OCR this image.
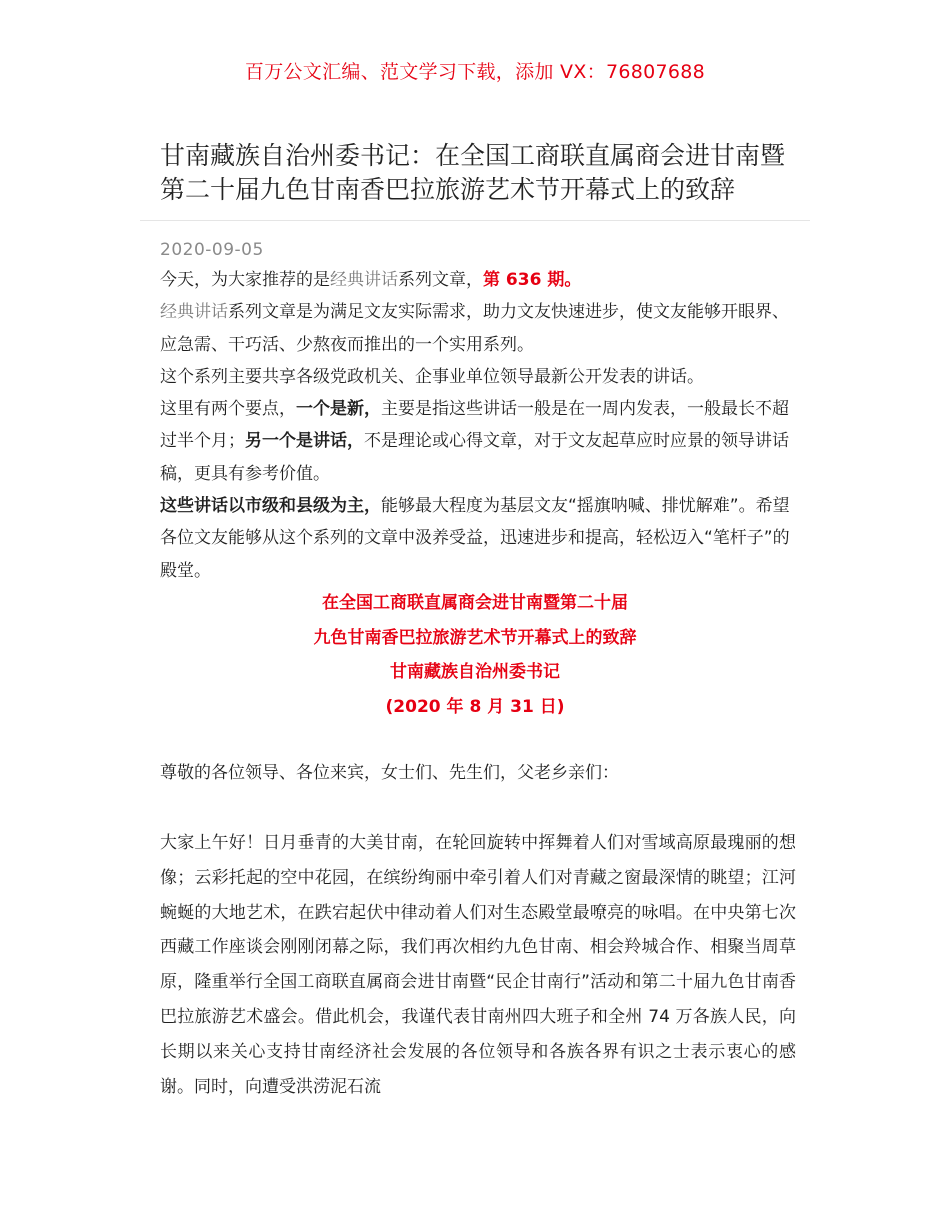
百万公文汇编、范文学习下载，添加 VX：76807688
甘南藏族自治州委书记：在全国工商联直属商会进甘南暨第二十届九色甘南香巴拉旅游艺术节开幕式上的致辞
2020-09-05

今天，为大家推荐的是经典讲话系列文章，第 636 期。

经典讲话系列文章是为满足文友实际需求，助力文友快速进步，使文友能够开眼界、应急需、干巧活、少熬夜而推出的一个实用系列。

这个系列主要共享各级党政机关、企事业单位领导最新公开发表的讲话。

这里有两个要点，一个是新，主要是指这些讲话一般是在一周内发表，一般最长不超过半个月；另一个是讲话，不是理论或心得文章，对于文友起草应时应景的领导讲话稿，更具有参考价值。

这些讲话以市级和县级为主，能够最大程度为基层文友“摇旗呐喊、排忧解难”。希望各位文友能够从这个系列的文章中汲养受益，迅速进步和提高，轻松迈入“笔杆子”的殿堂。

在全国工商联直属商会进甘南暨第二十届
九色甘南香巴拉旅游艺术节开幕式上的致辞
甘南藏族自治州委书记
(2020 年 8 月 31 日)

尊敬的各位领导、各位来宾，女士们、先生们，父老乡亲们：

大家上午好！日月垂青的大美甘南，在轮回旋转中挥舞着人们对雪域高原最瑰丽的想像；云彩托起的空中花园，在缤纷绚丽中牵引着人们对青藏之窗最深情的眺望；江河蜿蜒的大地艺术，在跌宕起伏中律动着人们对生态殿堂最嘹亮的咏唱。在中央第七次西藏工作座谈会刚刚闭幕之际，我们再次相约九色甘南、相会羚城合作、相聚当周草原，隆重举行全国工商联直属商会进甘南暨“民企甘南行”活动和第二十届九色甘南香巴拉旅游艺术盛会。借此机会，我谨代表甘南州四大班子和全州 74 万各族人民，向长期以来关心支持甘南经济社会发展的各位领导和各族各界有识之士表示衷心的感谢。同时，向遭受洪涝泥石流
